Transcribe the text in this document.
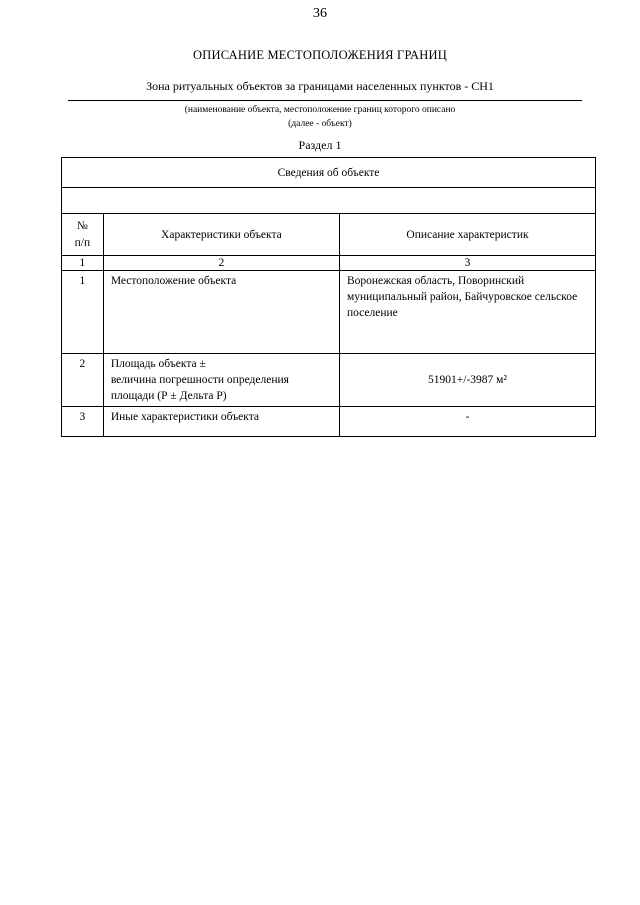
36
ОПИСАНИЕ МЕСТОПОЛОЖЕНИЯ ГРАНИЦ
Зона ритуальных объектов за границами населенных пунктов - СН1
(наименование объекта, местоположение границ которого описано
(далее - объект)
Раздел 1
Сведения об объекте		

№
п/п	Характеристики объекта	Описание характеристик
1	2	3
1	Местоположение объекта	Воронежская область, Поворинский муниципальный район, Байчуровское сельское поселение
2	Площадь объекта ±
величина погрешности определения
площади (Р ± Дельта Р)	51901+/-3987 м²
3	Иные характеристики объекта	-
